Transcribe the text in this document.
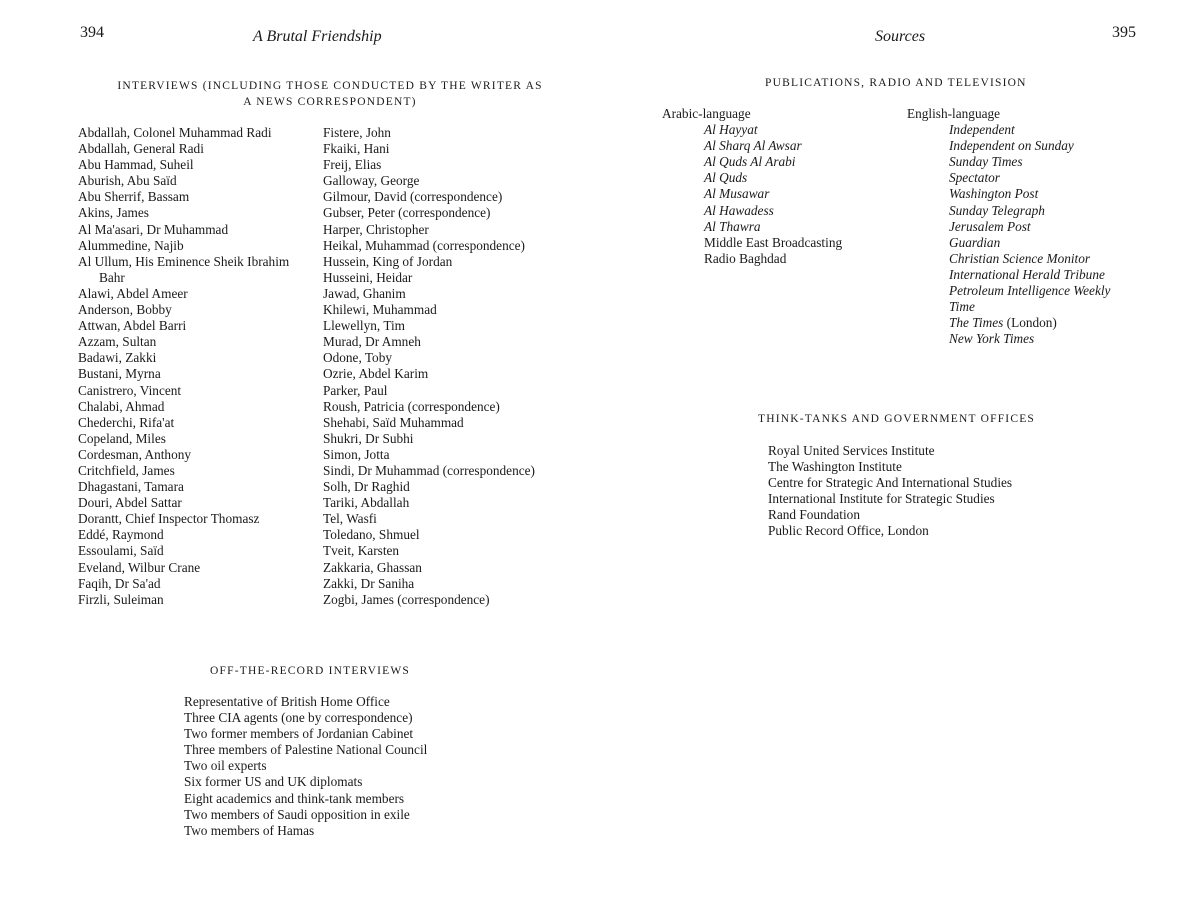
394	A Brutal Friendship
INTERVIEWS (INCLUDING THOSE CONDUCTED BY THE WRITER AS
A NEWS CORRESPONDENT)
Abdallah, Colonel Muhammad Radi
Abdallah, General Radi
Abu Hammad, Suheil
Aburish, Abu Saïd
Abu Sherrif, Bassam
Akins, James
Al Ma'asari, Dr Muhammad
Alummedine, Najib
Al Ullum, His Eminence Sheik Ibrahim
Bahr
Alawi, Abdel Ameer
Anderson, Bobby
Attwan, Abdel Barri
Azzam, Sultan
Badawi, Zakki
Bustani, Myrna
Canistrero, Vincent
Chalabi, Ahmad
Chederchi, Rifa'at
Copeland, Miles
Cordesman, Anthony
Critchfield, James
Dhagastani, Tamara
Douri, Abdel Sattar
Dorantt, Chief Inspector Thomasz
Eddé, Raymond
Essoulami, Saïd
Eveland, Wilbur Crane
Faqih, Dr Sa'ad
Firzli, Suleiman
Fistere, John
Fkaiki, Hani
Freij, Elias
Galloway, George
Gilmour, David (correspondence)
Gubser, Peter (correspondence)
Harper, Christopher
Heikal, Muhammad (correspondence)
Hussein, King of Jordan
Husseini, Heidar
Jawad, Ghanim
Khilewi, Muhammad
Llewellyn, Tim
Murad, Dr Amneh
Odone, Toby
Ozrie, Abdel Karim
Parker, Paul
Roush, Patricia (correspondence)
Shehabi, Saïd Muhammad
Shukri, Dr Subhi
Simon, Jotta
Sindi, Dr Muhammad (correspondence)
Solh, Dr Raghid
Tariki, Abdallah
Tel, Wasfi
Toledano, Shmuel
Tveit, Karsten
Zakkaria, Ghassan
Zakki, Dr Saniha
Zogbi, James (correspondence)
OFF-THE-RECORD INTERVIEWS
Representative of British Home Office
Three CIA agents (one by correspondence)
Two former members of Jordanian Cabinet
Three members of Palestine National Council
Two oil experts
Six former US and UK diplomats
Eight academics and think-tank members
Two members of Saudi opposition in exile
Two members of Hamas
Sources	395
PUBLICATIONS, RADIO AND TELEVISION
Arabic-language
Al Hayyat
Al Sharq Al Awsar
Al Quds Al Arabi
Al Quds
Al Musawar
Al Hawadess
Al Thawra
Middle East Broadcasting
Radio Baghdad
English-language
Independent
Independent on Sunday
Sunday Times
Spectator
Washington Post
Sunday Telegraph
Jerusalem Post
Guardian
Christian Science Monitor
International Herald Tribune
Petroleum Intelligence Weekly
Time
The Times (London)
New York Times
THINK-TANKS AND GOVERNMENT OFFICES
Royal United Services Institute
The Washington Institute
Centre for Strategic And International Studies
International Institute for Strategic Studies
Rand Foundation
Public Record Office, London
